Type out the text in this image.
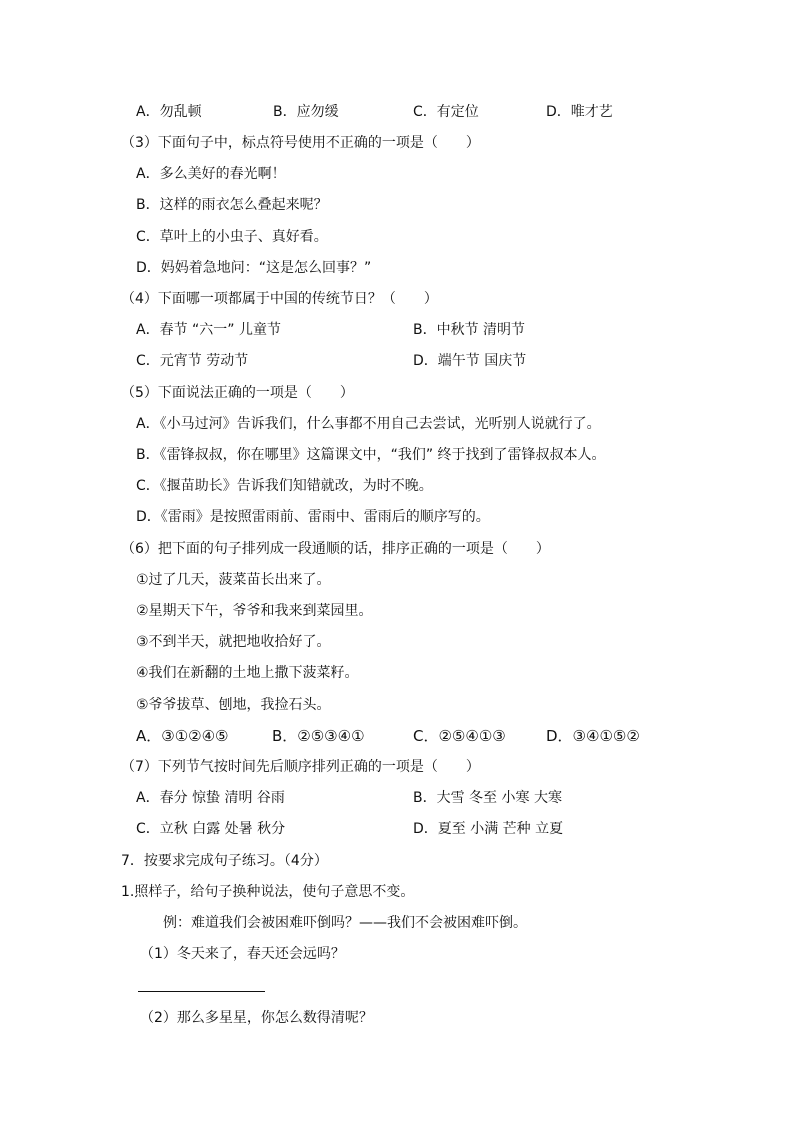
A．勿乱顿	B．应勿缓	C．有定位	D．唯才艺
（3）下面句子中，标点符号使用不正确的一项是（　　）
A．多么美好的春光啊！
B．这样的雨衣怎么叠起来呢？
C．草叶上的小虫子、真好看。
D．妈妈着急地问：“这是怎么回事？”
（4）下面哪一项都属于中国的传统节日？（　　）
A．春节 “六一” 儿童节	B．中秋节 清明节
C．元宵节 劳动节	D．端午节 国庆节
（5）下面说法正确的一项是（　　）
A．《小马过河》告诉我们，什么事都不用自己去尝试，光听别人说就行了。
B．《雷锋叔叔，你在哪里》这篇课文中，“我们” 终于找到了雷锋叔叔本人。
C．《揠苗助长》告诉我们知错就改，为时不晚。
D．《雷雨》是按照雷雨前、雷雨中、雷雨后的顺序写的。
（6）把下面的句子排列成一段通顺的话，排序正确的一项是（　　）
①过了几天，菠菜苗长出来了。
②星期天下午，爷爷和我来到菜园里。
③不到半天，就把地收拾好了。
④我们在新翻的土地上撒下菠菜籽。
⑤爷爷拔草、刨地，我捡石头。
A．③①②④⑤	B．②⑤③④①	C．②⑤④①③	D．③④①⑤②
（7）下列节气按时间先后顺序排列正确的一项是（　　）
A．春分 惊蛰 清明 谷雨	B．大雪 冬至 小寒 大寒
C．立秋 白露 处暑 秋分	D．夏至 小满 芒种 立夏
7．按要求完成句子练习。（4分）
1.照样子，给句子换种说法，使句子意思不变。
例：难道我们会被困难吓倒吗？——我们不会被困难吓倒。
（1）冬天来了，春天还会远吗？
（2）那么多星星，你怎么数得清呢？
